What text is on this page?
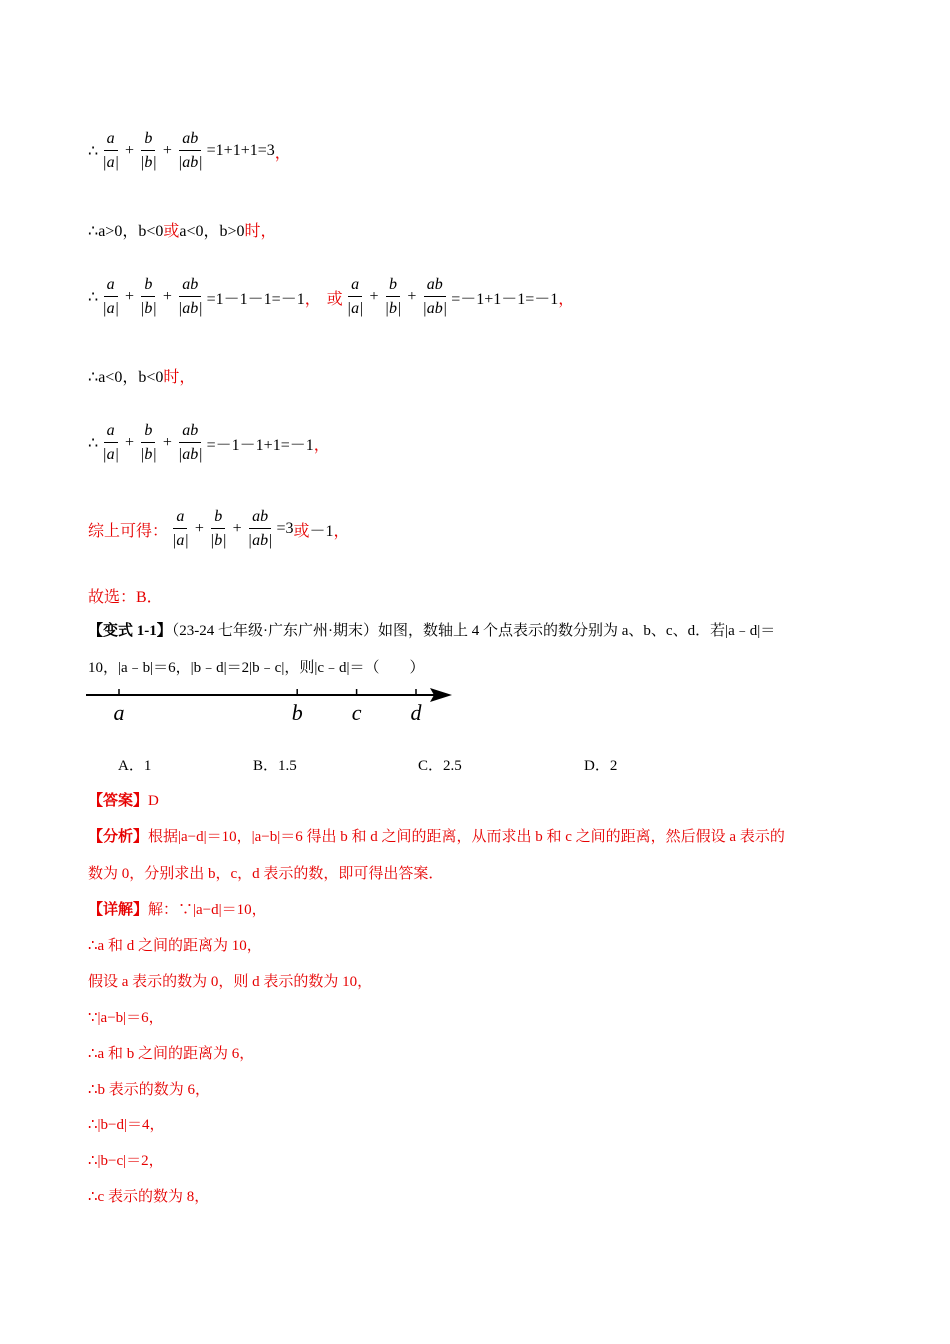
∴ $\frac{a}{|a|} + \frac{b}{|b|} + \frac{ab}{|ab|} =1+1+1=3$ ，
∴a>0，b<0或a<0，b>0时，
∴ $\frac{a}{|a|} + \frac{b}{|b|} + \frac{ab}{|ab|} =1-1-1=-1$ ， 或 $\frac{a}{|a|} + \frac{b}{|b|} + \frac{ab}{|ab|} =-1+1-1=-1$ ，
∴a<0，b<0时，
∴ $\frac{a}{|a|} + \frac{b}{|b|} + \frac{ab}{|ab|} =-1-1+1=-1$ ，
综上可得： $\frac{a}{|a|} + \frac{b}{|b|} + \frac{ab}{|ab|} =3$ 或 －1 ，
故选：B．
【变式 1-1】（23-24 七年级·广东广州·期末）如图，数轴上 4 个点表示的数分别为 a、b、c、d．若|a﹣d|＝
10，|a﹣b|＝6，|b﹣d|＝2|b﹣c|，则|c﹣d|＝（　　）
a	b c d
A．1	B．1.5	C．2.5	D．2
【答案】D
【分析】根据|a−d|＝10，|a−b|＝6 得出 b 和 d 之间的距离，从而求出 b 和 c 之间的距离，然后假设 a 表示的
数为 0，分别求出 b，c，d 表示的数，即可得出答案．
【详解】解：∵|a−d|＝10，
∴a 和 d 之间的距离为 10，
假设 a 表示的数为 0，则 d 表示的数为 10，
∵|a−b|＝6，
∴a 和 b 之间的距离为 6，
∴b 表示的数为 6，
∴|b−d|＝4，
∴|b−c|＝2，
∴c 表示的数为 8，
